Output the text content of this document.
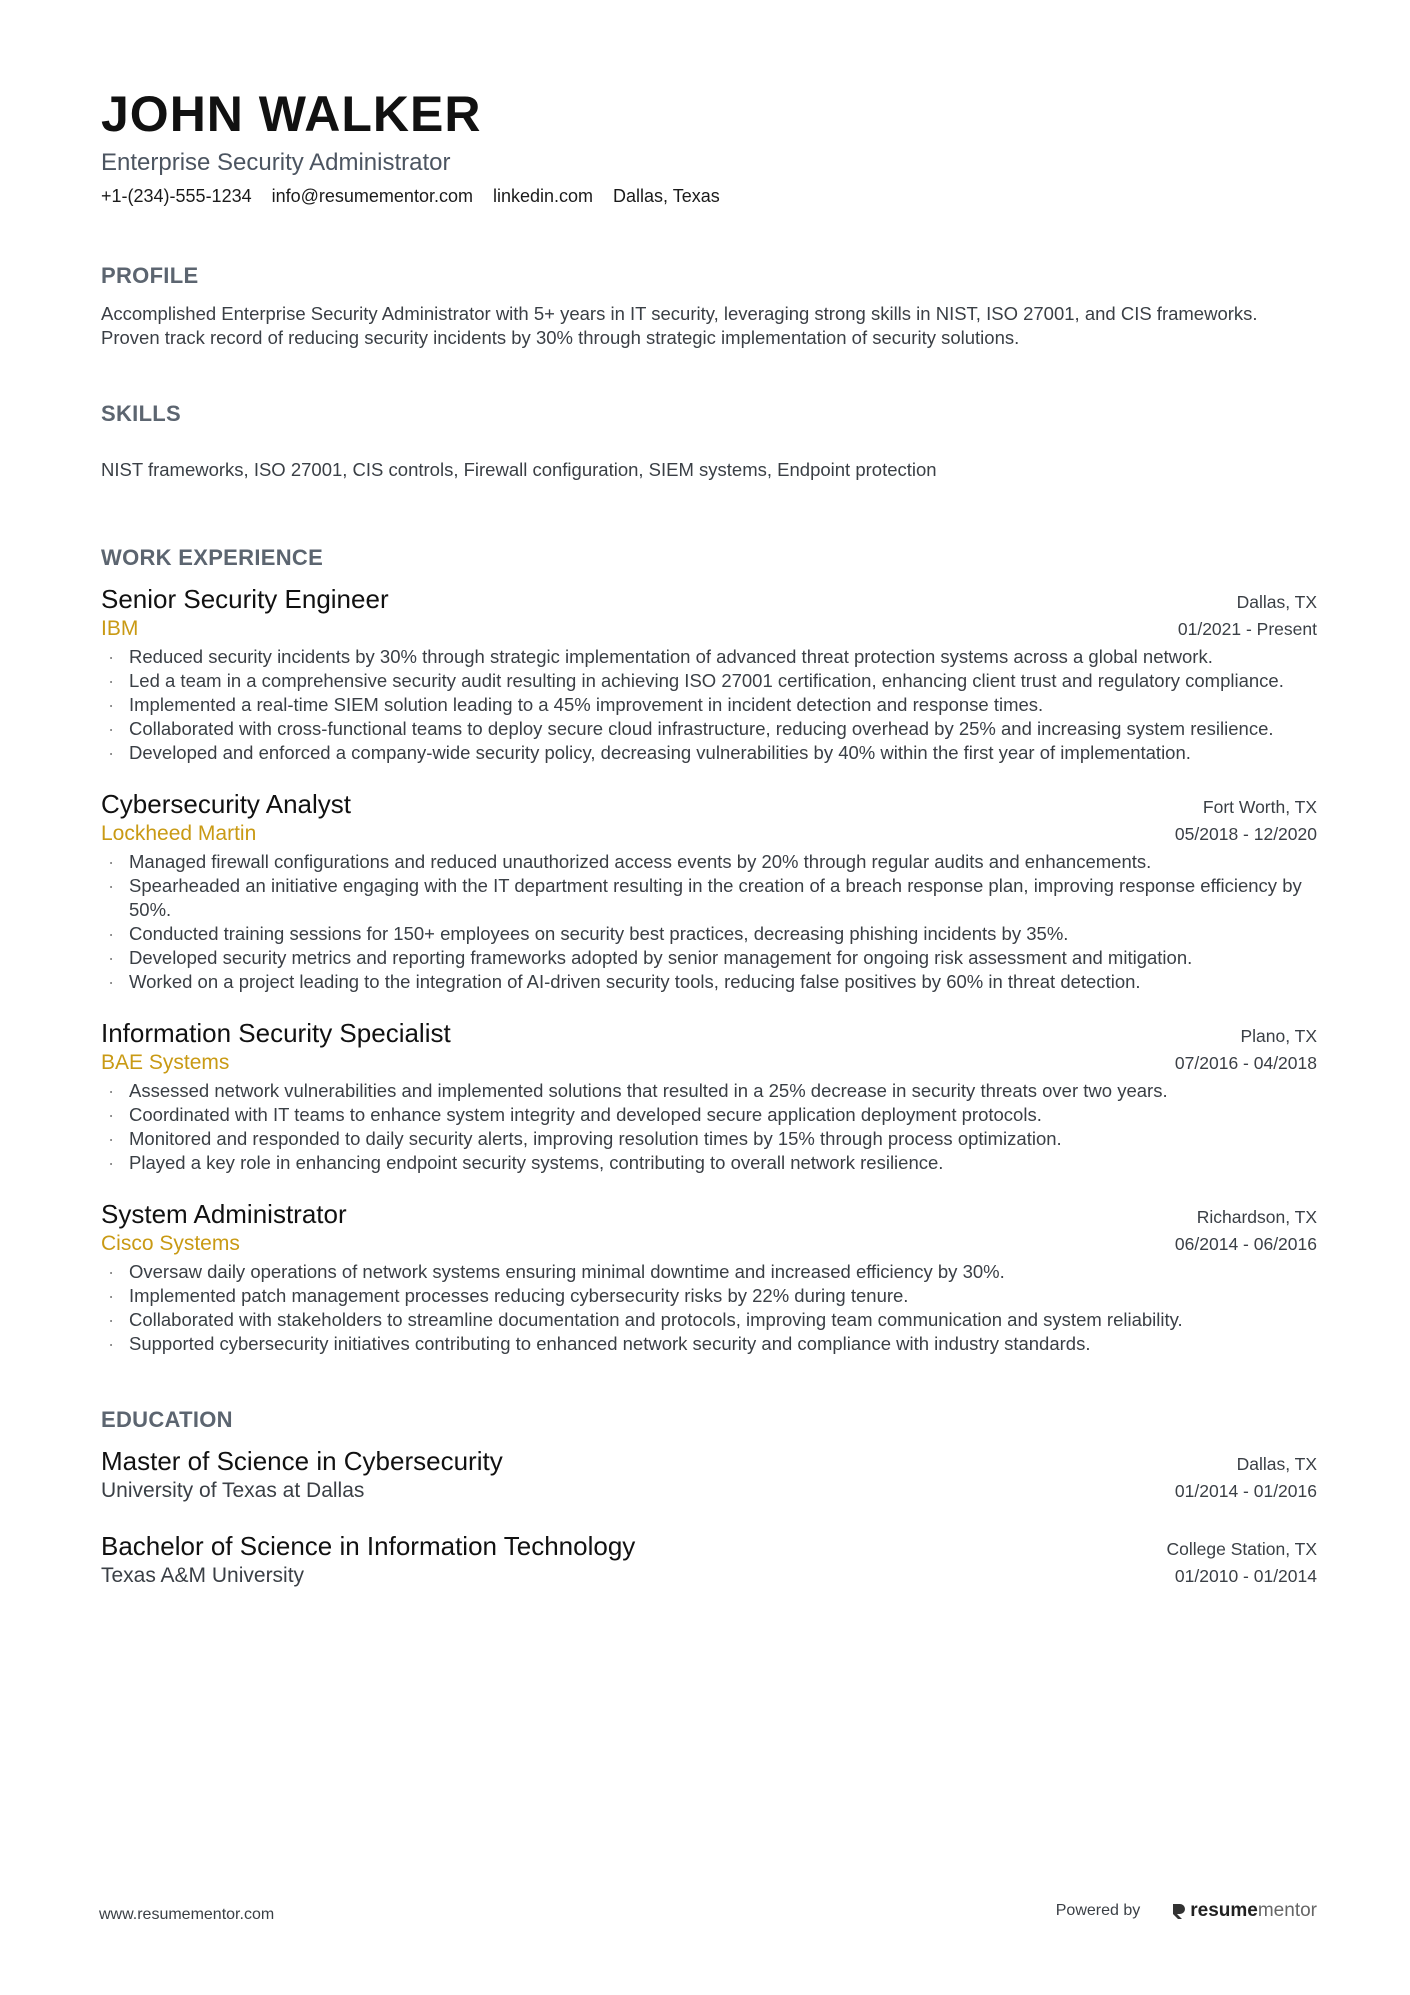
JOHN WALKER
Enterprise Security Administrator
+1-(234)-555-1234 info@resumementor.com linkedin.com Dallas, Texas
PROFILE
Accomplished Enterprise Security Administrator with 5+ years in IT security, leveraging strong skills in NIST, ISO 27001, and CIS frameworks. Proven track record of reducing security incidents by 30% through strategic implementation of security solutions.
SKILLS
NIST frameworks, ISO 27001, CIS controls, Firewall configuration, SIEM systems, Endpoint protection
WORK EXPERIENCE
Senior Security Engineer	Dallas, TX
IBM	01/2021 - Present
· Reduced security incidents by 30% through strategic implementation of advanced threat protection systems across a global network.
· Led a team in a comprehensive security audit resulting in achieving ISO 27001 certification, enhancing client trust and regulatory compliance.
· Implemented a real-time SIEM solution leading to a 45% improvement in incident detection and response times.
· Collaborated with cross-functional teams to deploy secure cloud infrastructure, reducing overhead by 25% and increasing system resilience.
· Developed and enforced a company-wide security policy, decreasing vulnerabilities by 40% within the first year of implementation.
Cybersecurity Analyst	Fort Worth, TX
Lockheed Martin	05/2018 - 12/2020
· Managed firewall configurations and reduced unauthorized access events by 20% through regular audits and enhancements.
· Spearheaded an initiative engaging with the IT department resulting in the creation of a breach response plan, improving response efficiency by 50%.
· Conducted training sessions for 150+ employees on security best practices, decreasing phishing incidents by 35%.
· Developed security metrics and reporting frameworks adopted by senior management for ongoing risk assessment and mitigation.
· Worked on a project leading to the integration of AI-driven security tools, reducing false positives by 60% in threat detection.
Information Security Specialist	Plano, TX
BAE Systems	07/2016 - 04/2018
· Assessed network vulnerabilities and implemented solutions that resulted in a 25% decrease in security threats over two years.
· Coordinated with IT teams to enhance system integrity and developed secure application deployment protocols.
· Monitored and responded to daily security alerts, improving resolution times by 15% through process optimization.
· Played a key role in enhancing endpoint security systems, contributing to overall network resilience.
System Administrator	Richardson, TX
Cisco Systems	06/2014 - 06/2016
· Oversaw daily operations of network systems ensuring minimal downtime and increased efficiency by 30%.
· Implemented patch management processes reducing cybersecurity risks by 22% during tenure.
· Collaborated with stakeholders to streamline documentation and protocols, improving team communication and system reliability.
· Supported cybersecurity initiatives contributing to enhanced network security and compliance with industry standards.
EDUCATION
Master of Science in Cybersecurity	Dallas, TX
University of Texas at Dallas	01/2014 - 01/2016
Bachelor of Science in Information Technology	College Station, TX
Texas A&M University	01/2010 - 01/2014
www.resumementor.com	Powered by	resumementor
